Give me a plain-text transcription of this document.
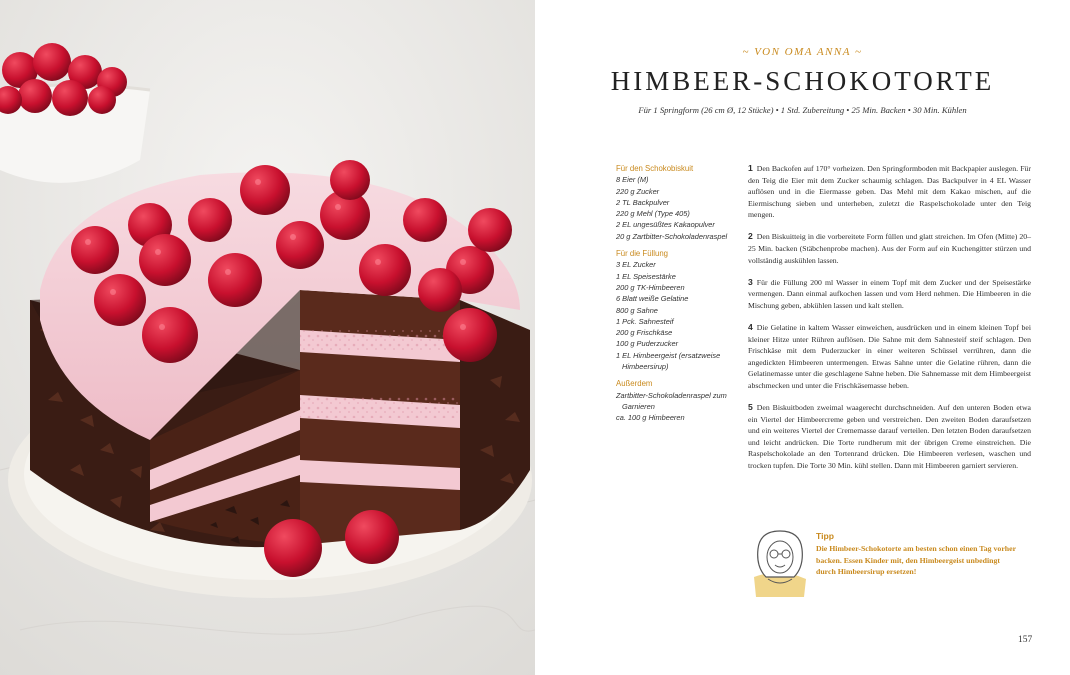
~ VON OMA ANNA ~
HIMBEER-SCHOKOTORTE
Für 1 Springform (26 cm Ø, 12 Stücke) • 1 Std. Zubereitung • 25 Min. Backen • 30 Min. Kühlen
Für den Schokobiskuit
8 Eier (M)
220 g Zucker
2 TL Backpulver
220 g Mehl (Type 405)
2 EL ungesüßtes Kakaopulver
20 g Zartbitter-Schokoladenraspel
Für die Füllung
3 EL Zucker
1 EL Speisestärke
200 g TK-Himbeeren
6 Blatt weiße Gelatine
800 g Sahne
1 Pck. Sahnesteif
200 g Frischkäse
100 g Puderzucker
1 EL Himbeergeist (ersatzweise
Himbeersirup)
Außerdem
Zartbitter-Schokoladenraspel zum
Garnieren
ca. 100 g Himbeeren

1 Den Backofen auf 170° vorheizen. Den Springformboden mit Backpapier auslegen. Für den Teig die Eier mit dem Zucker schaumig schlagen. Das Backpulver in 4 EL Wasser auflösen und in die Eiermasse geben. Das Mehl mit dem Kakao mischen, auf die Eiermischung sieben und unterheben, zuletzt die Raspelschokolade unter den Teig mengen.

2 Den Biskuitteig in die vorbereitete Form füllen und glatt streichen. Im Ofen (Mitte) 20–25 Min. backen (Stäbchenprobe machen). Aus der Form auf ein Kuchengitter stürzen und vollständig auskühlen lassen.

3 Für die Füllung 200 ml Wasser in einem Topf mit dem Zucker und der Speisestärke vermengen. Dann einmal aufkochen lassen und vom Herd nehmen. Die Himbeeren in die Mischung geben, abkühlen lassen und kalt stellen.

4 Die Gelatine in kaltem Wasser einweichen, ausdrücken und in einem kleinen Topf bei kleiner Hitze unter Rühren auflösen. Die Sahne mit dem Sahnesteif steif schlagen. Den Frischkäse mit dem Puderzucker in einer weiteren Schüssel verrühren, dann die angedickten Himbeeren untermengen. Etwas Sahne unter die Gelatine rühren, dann die Gelatinemasse unter die geschlagene Sahne heben. Die Sahnemasse mit dem Himbeergeist abschmecken und unter die Frischkäsemasse heben.

5 Den Biskuitboden zweimal waagerecht durchschneiden. Auf den unteren Boden etwa ein Viertel der Himbeercreme geben und verstreichen. Den zweiten Boden daraufsetzen und ein weiteres Viertel der Crememasse darauf verteilen. Den letzten Boden daraufsetzen und leicht andrücken. Die Torte rundherum mit der übrigen Creme einstreichen. Die Raspelschokolade an den Tortenrand drücken. Die Himbeeren verlesen, waschen und trocken tupfen. Die Torte 30 Min. kühl stellen. Dann mit Himbeeren garniert servieren.

Tipp
Die Himbeer-Schokotorte am besten schon einen Tag vorher backen. Essen Kinder mit, den Himbeergeist unbedingt durch Himbeersirup ersetzen!
157
